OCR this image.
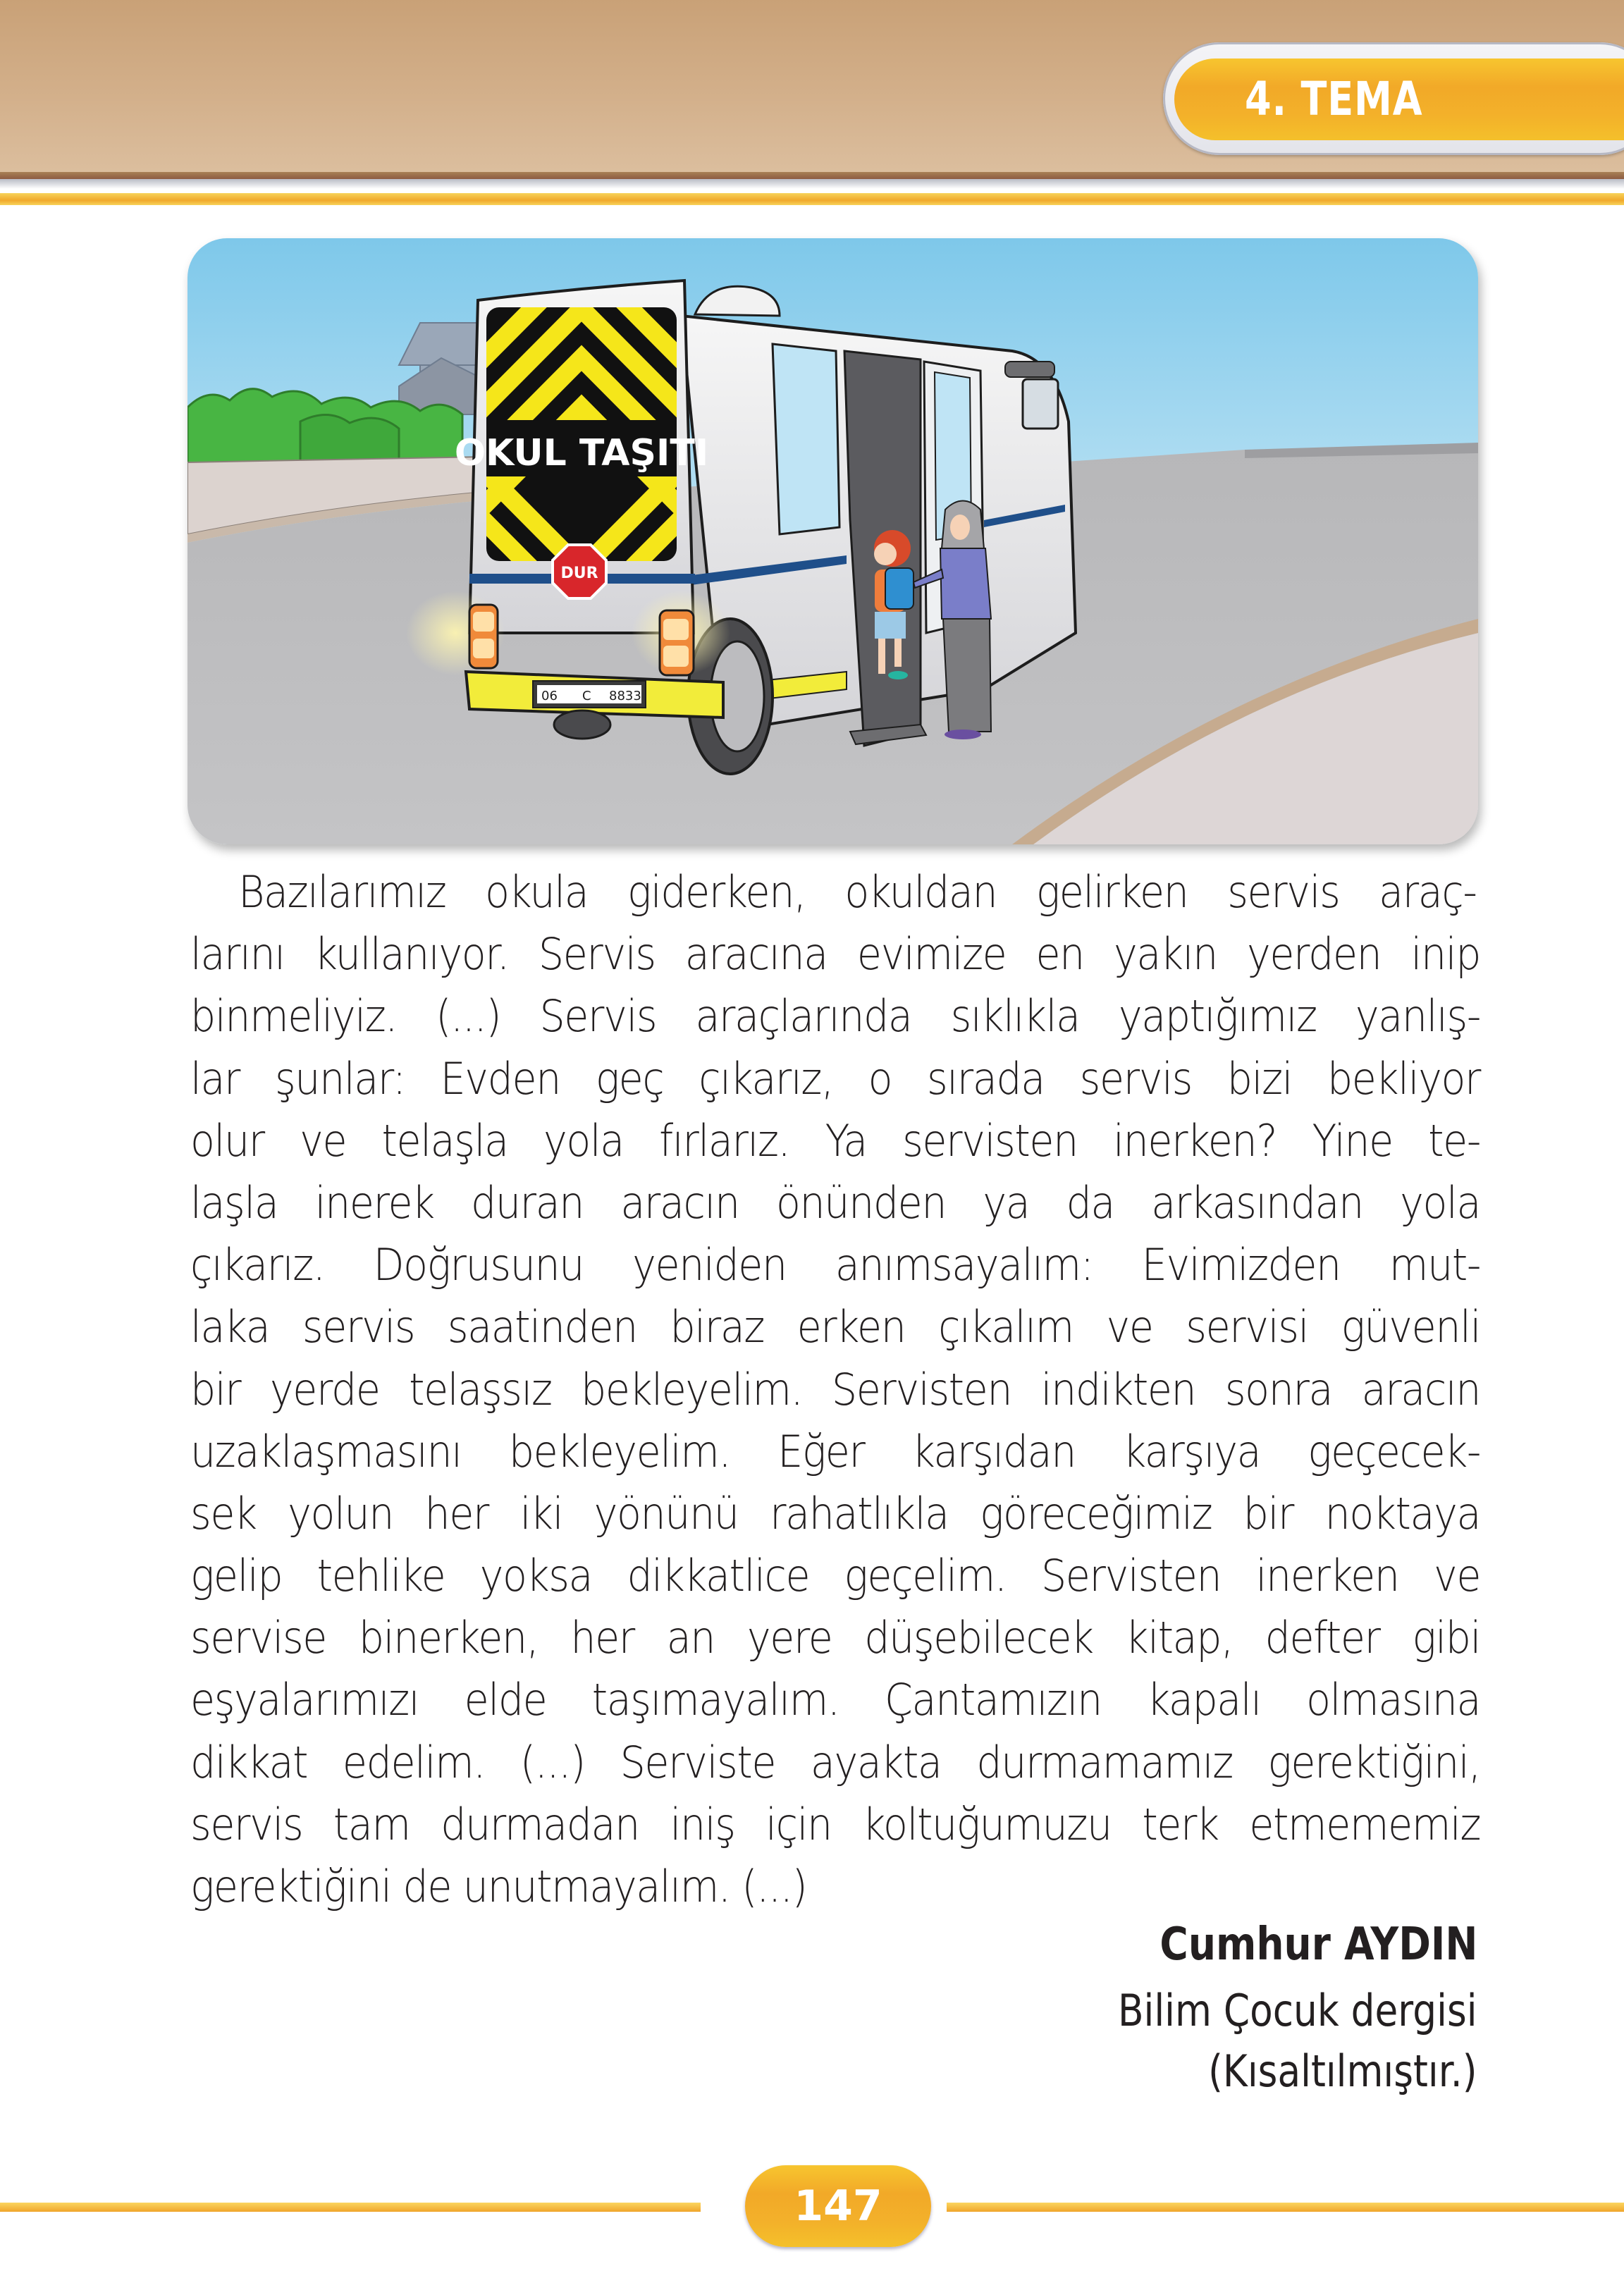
4. TEMA
OKUL TAŞITI
DUR
06 C 8833
Bazılarımız okula giderken, okuldan gelirken servis araç-
larını kullanıyor. Servis aracına evimize en yakın yerden inip
binmeliyiz. (...) Servis araçlarında sıklıkla yaptığımız yanlış-
lar şunlar: Evden geç çıkarız, o sırada servis bizi bekliyor
olur ve telaşla yola fırlarız. Ya servisten inerken? Yine te-
laşla inerek duran aracın önünden ya da arkasından yola
çıkarız. Doğrusunu yeniden anımsayalım: Evimizden mut-
laka servis saatinden biraz erken çıkalım ve servisi güvenli
bir yerde telaşsız bekleyelim. Servisten indikten sonra aracın
uzaklaşmasını bekleyelim. Eğer karşıdan karşıya geçecek-
sek yolun her iki yönünü rahatlıkla göreceğimiz bir noktaya
gelip tehlike yoksa dikkatlice geçelim. Servisten inerken ve
servise binerken, her an yere düşebilecek kitap, defter gibi
eşyalarımızı elde taşımayalım. Çantamızın kapalı olmasına
dikkat edelim. (...) Serviste ayakta durmamamız gerektiğini,
servis tam durmadan iniş için koltuğumuzu terk etmememiz
gerektiğini de unutmayalım. (...)
Cumhur AYDIN
Bilim Çocuk dergisi
(Kısaltılmıştır.)
147
